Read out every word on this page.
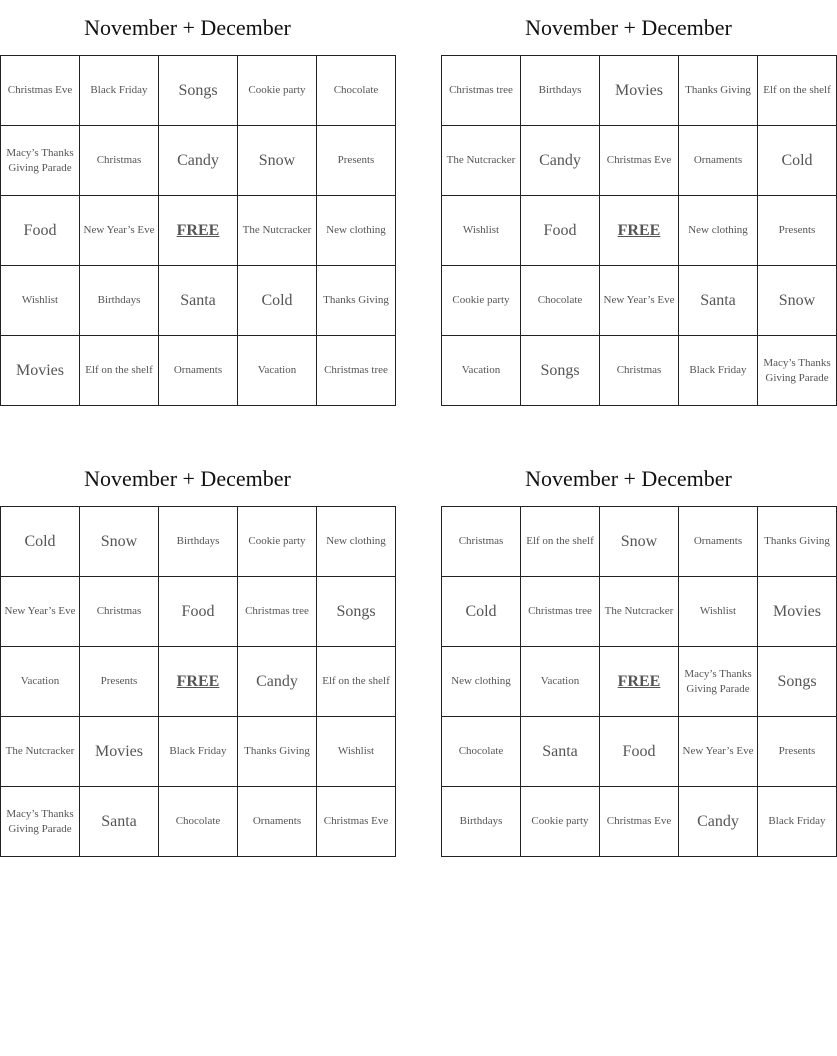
November + December
Christmas Eve	Black Friday	Songs	Cookie party	Chocolate
Macy’s Thanks Giving Parade	Christmas	Candy	Snow	Presents
Food	New Year’s Eve	FREE	The Nutcracker	New clothing
Wishlist	Birthdays	Santa	Cold	Thanks Giving
Movies	Elf on the shelf	Ornaments	Vacation	Christmas tree
November + December
Christmas tree	Birthdays	Movies	Thanks Giving	Elf on the shelf
The Nutcracker	Candy	Christmas Eve	Ornaments	Cold
Wishlist	Food	FREE	New clothing	Presents
Cookie party	Chocolate	New Year’s Eve	Santa	Snow
Vacation	Songs	Christmas	Black Friday	Macy’s Thanks Giving Parade
November + December
Cold	Snow	Birthdays	Cookie party	New clothing
New Year’s Eve	Christmas	Food	Christmas tree	Songs
Vacation	Presents	FREE	Candy	Elf on the shelf
The Nutcracker	Movies	Black Friday	Thanks Giving	Wishlist
Macy’s Thanks Giving Parade	Santa	Chocolate	Ornaments	Christmas Eve
November + December
Christmas	Elf on the shelf	Snow	Ornaments	Thanks Giving
Cold	Christmas tree	The Nutcracker	Wishlist	Movies
New clothing	Vacation	FREE	Macy’s Thanks Giving Parade	Songs
Chocolate	Santa	Food	New Year’s Eve	Presents
Birthdays	Cookie party	Christmas Eve	Candy	Black Friday
